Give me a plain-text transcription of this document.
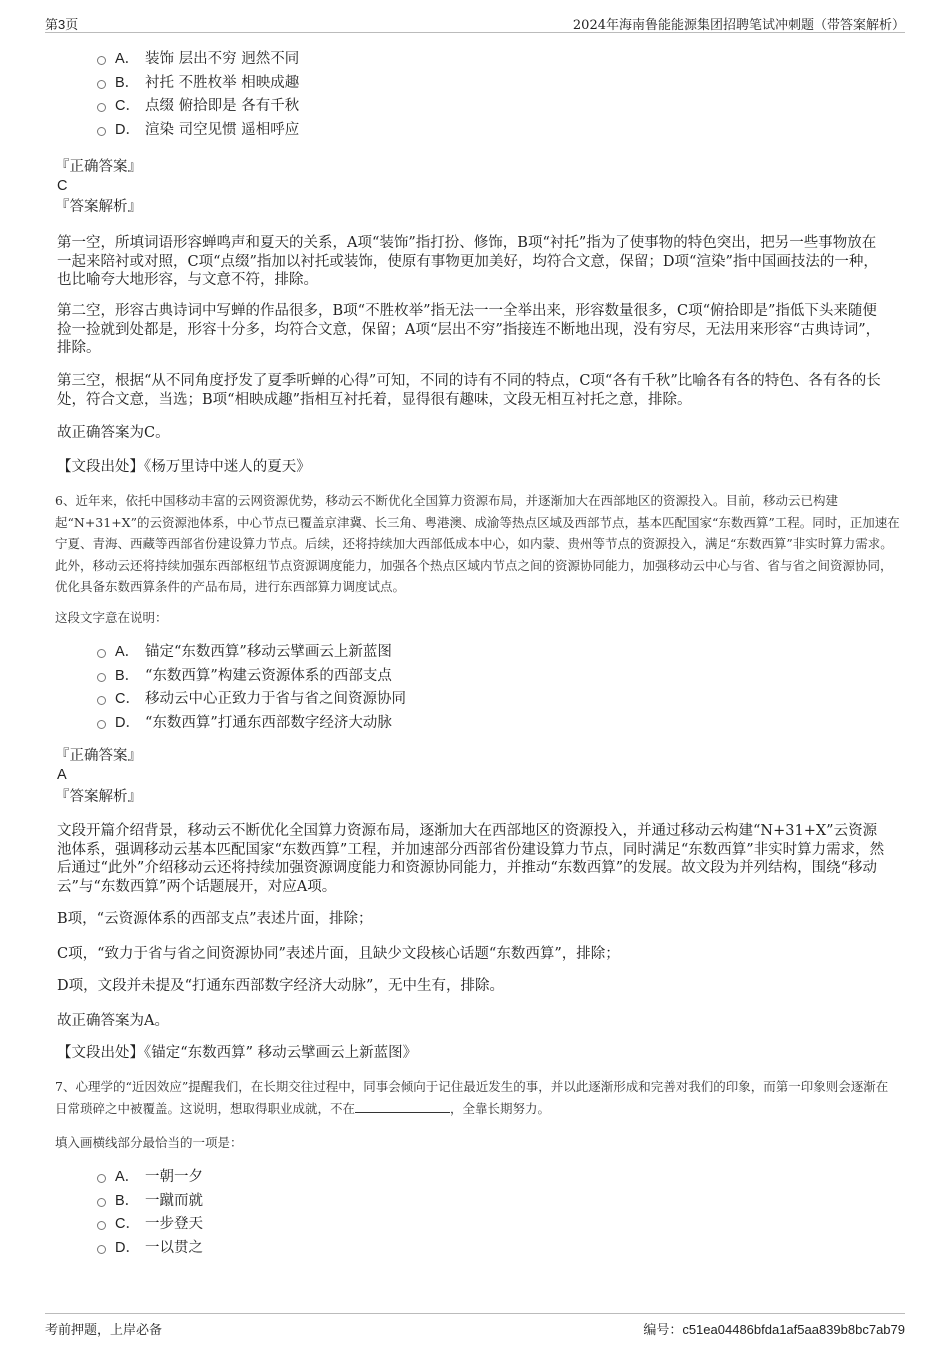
第3页	2024年海南鲁能能源集团招聘笔试冲刺题（带答案解析）
A． 装饰 层出不穷 迥然不同
B． 衬托 不胜枚举 相映成趣
C． 点缀 俯拾即是 各有千秋
D． 渲染 司空见惯 遥相呼应
『正确答案』
C
『答案解析』
第一空，所填词语形容蝉鸣声和夏天的关系，A项“装饰”指打扮、修饰，B项“衬托”指为了使事物的特色突出，把另一些事物放在一起来陪衬或对照，C项“点缀”指加以衬托或装饰，使原有事物更加美好，均符合文意，保留；D项“渲染”指中国画技法的一种，也比喻夸大地形容，与文意不符，排除。
第二空，形容古典诗词中写蝉的作品很多，B项“不胜枚举”指无法一一全举出来，形容数量很多，C项“俯拾即是”指低下头来随便捡一捡就到处都是，形容十分多，均符合文意，保留；A项“层出不穷”指接连不断地出现，没有穷尽，无法用来形容“古典诗词”，排除。
第三空，根据“从不同角度抒发了夏季听蝉的心得”可知，不同的诗有不同的特点，C项“各有千秋”比喻各有各的特色、各有各的长处，符合文意，当选；B项“相映成趣”指相互衬托着，显得很有趣味，文段无相互衬托之意，排除。
故正确答案为C。
【文段出处】《杨万里诗中迷人的夏天》
6、近年来，依托中国移动丰富的云网资源优势，移动云不断优化全国算力资源布局，并逐渐加大在西部地区的资源投入。目前，移动云已构建起“N+31+X”的云资源池体系，中心节点已覆盖京津冀、长三角、粤港澳、成渝等热点区域及西部节点，基本匹配国家“东数西算”工程。同时，正加速在宁夏、青海、西藏等西部省份建设算力节点。后续，还将持续加大西部低成本中心，如内蒙、贵州等节点的资源投入，满足“东数西算”非实时算力需求。此外，移动云还将持续加强东西部枢纽节点资源调度能力，加强各个热点区域内节点之间的资源协同能力，加强移动云中心与省、省与省之间资源协同，优化具备东数西算条件的产品布局，进行东西部算力调度试点。
这段文字意在说明：
A． 锚定“东数西算”移动云擘画云上新蓝图
B． “东数西算”构建云资源体系的西部支点
C． 移动云中心正致力于省与省之间资源协同
D． “东数西算”打通东西部数字经济大动脉
『正确答案』
A
『答案解析』
文段开篇介绍背景，移动云不断优化全国算力资源布局，逐渐加大在西部地区的资源投入，并通过移动云构建“N+31+X”云资源池体系，强调移动云基本匹配国家“东数西算”工程，并加速部分西部省份建设算力节点，同时满足“东数西算”非实时算力需求，然后通过“此外”介绍移动云还将持续加强资源调度能力和资源协同能力，并推动“东数西算”的发展。故文段为并列结构，围绕“移动云”与“东数西算”两个话题展开，对应A项。
B项，“云资源体系的西部支点”表述片面，排除；
C项，“致力于省与省之间资源协同”表述片面，且缺少文段核心话题“东数西算”，排除；
D项，文段并未提及“打通东西部数字经济大动脉”，无中生有，排除。
故正确答案为A。
【文段出处】《锚定“东数西算” 移动云擘画云上新蓝图》
7、心理学的“近因效应”提醒我们，在长期交往过程中，同事会倾向于记住最近发生的事，并以此逐渐形成和完善对我们的印象，而第一印象则会逐渐在日常琐碎之中被覆盖。这说明，想取得职业成就，不在	，全靠长期努力。
填入画横线部分最恰当的一项是：
A． 一朝一夕
B． 一蹴而就
C． 一步登天
D． 一以贯之
考前押题，上岸必备	编号：c51ea04486bfda1af5aa839b8bc7ab79
